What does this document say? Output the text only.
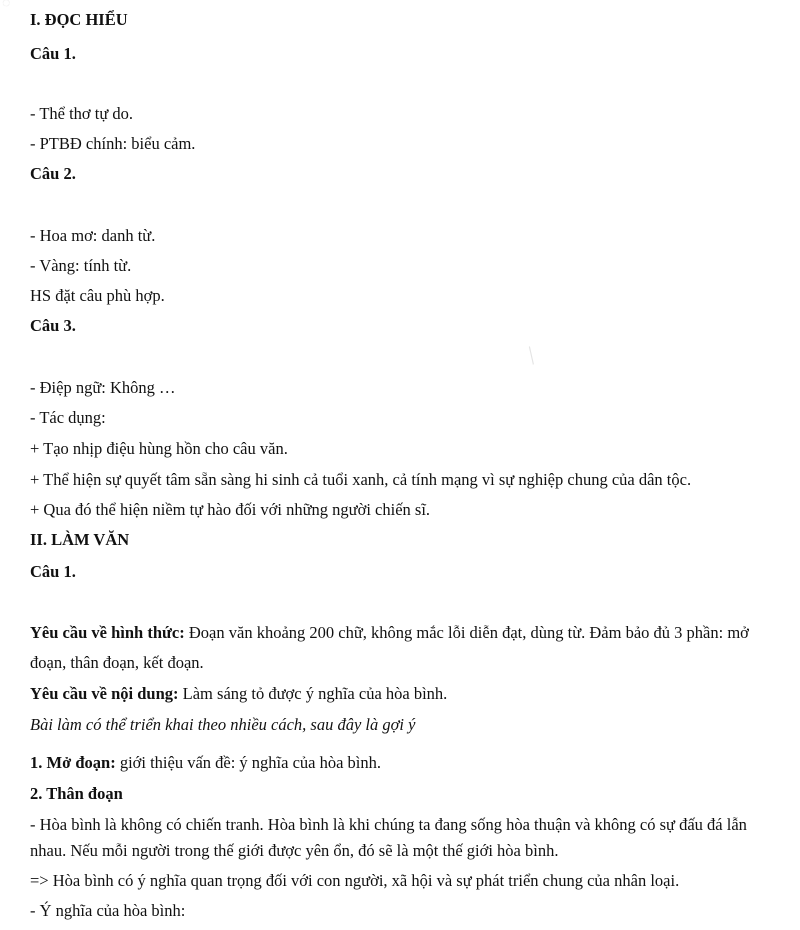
◌
╱
I. ĐỌC HIỂU
Câu 1.
- Thể thơ tự do.
- PTBĐ chính: biểu cảm.
Câu 2.
- Hoa mơ: danh từ.
- Vàng: tính từ.
HS đặt câu phù hợp.
Câu 3.
- Điệp ngữ: Không …
- Tác dụng:
+ Tạo nhịp điệu hùng hồn cho câu văn.
+ Thể hiện sự quyết tâm sẵn sàng hi sinh cả tuổi xanh, cả tính mạng vì sự nghiệp chung của dân tộc.
+ Qua đó thể hiện niềm tự hào đối với những người chiến sĩ.
II. LÀM VĂN
Câu 1.
Yêu cầu về hình thức: Đoạn văn khoảng 200 chữ, không mắc lỗi diễn đạt, dùng từ. Đảm bảo đủ 3 phần: mở
đoạn, thân đoạn, kết đoạn.
Yêu cầu về nội dung: Làm sáng tỏ được ý nghĩa của hòa bình.
Bài làm có thể triển khai theo nhiều cách, sau đây là gợi ý
1. Mở đoạn: giới thiệu vấn đề: ý nghĩa của hòa bình.
2. Thân đoạn
- Hòa bình là không có chiến tranh. Hòa bình là khi chúng ta đang sống hòa thuận và không có sự đấu đá lẫn
nhau. Nếu mỗi người trong thế giới được yên ổn, đó sẽ là một thế giới hòa bình.
=> Hòa bình có ý nghĩa quan trọng đối với con người, xã hội và sự phát triển chung của nhân loại.
- Ý nghĩa của hòa bình:
